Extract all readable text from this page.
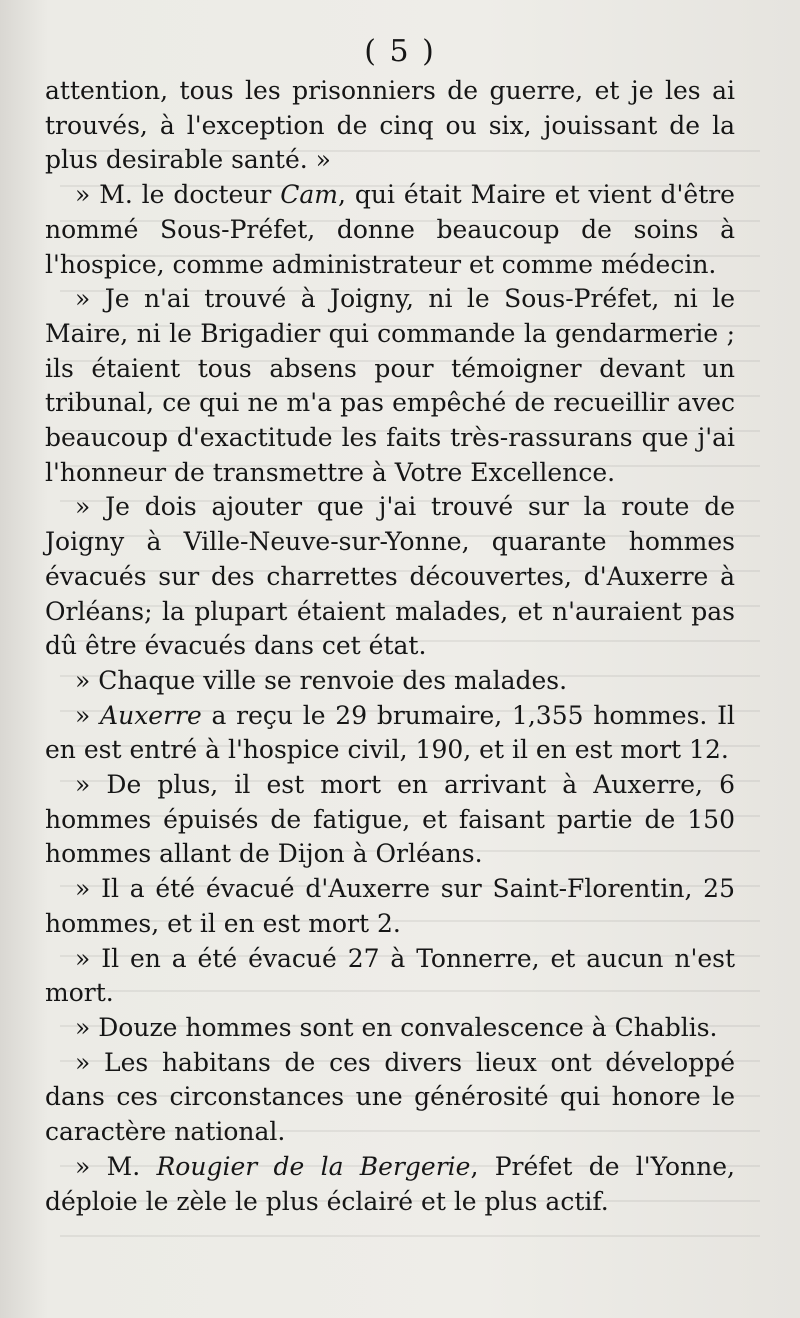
( 5 )

attention, tous les prisonniers de guerre, et je les ai trouvés, à l'exception de cinq ou six, jouissant de la plus desirable santé. »

» M. le docteur Cam, qui était Maire et vient d'être nommé Sous-Préfet, donne beaucoup de soins à l'hospice, comme administrateur et comme médecin.

» Je n'ai trouvé à Joigny, ni le Sous-Préfet, ni le Maire, ni le Brigadier qui commande la gendarmerie ; ils étaient tous absens pour témoigner devant un tribunal, ce qui ne m'a pas empêché de recueillir avec beaucoup d'exactitude les faits très-rassurans que j'ai l'honneur de transmettre à Votre Excellence.

» Je dois ajouter que j'ai trouvé sur la route de Joigny à Ville-Neuve-sur-Yonne, quarante hommes évacués sur des charrettes découvertes, d'Auxerre à Orléans; la plupart étaient malades, et n'auraient pas dû être évacués dans cet état.

» Chaque ville se renvoie des malades.

» Auxerre a reçu le 29 brumaire, 1,355 hommes. Il en est entré à l'hospice civil, 190, et il en est mort 12.

» De plus, il est mort en arrivant à Auxerre, 6 hommes épuisés de fatigue, et faisant partie de 150 hommes allant de Dijon à Orléans.

» Il a été évacué d'Auxerre sur Saint-Florentin, 25 hommes, et il en est mort 2.

» Il en a été évacué 27 à Tonnerre, et aucun n'est mort.

» Douze hommes sont en convalescence à Chablis.

» Les habitans de ces divers lieux ont développé dans ces circonstances une générosité qui honore le caractère national.

» M. Rougier de la Bergerie, Préfet de l'Yonne, déploie le zèle le plus éclairé et le plus actif.
